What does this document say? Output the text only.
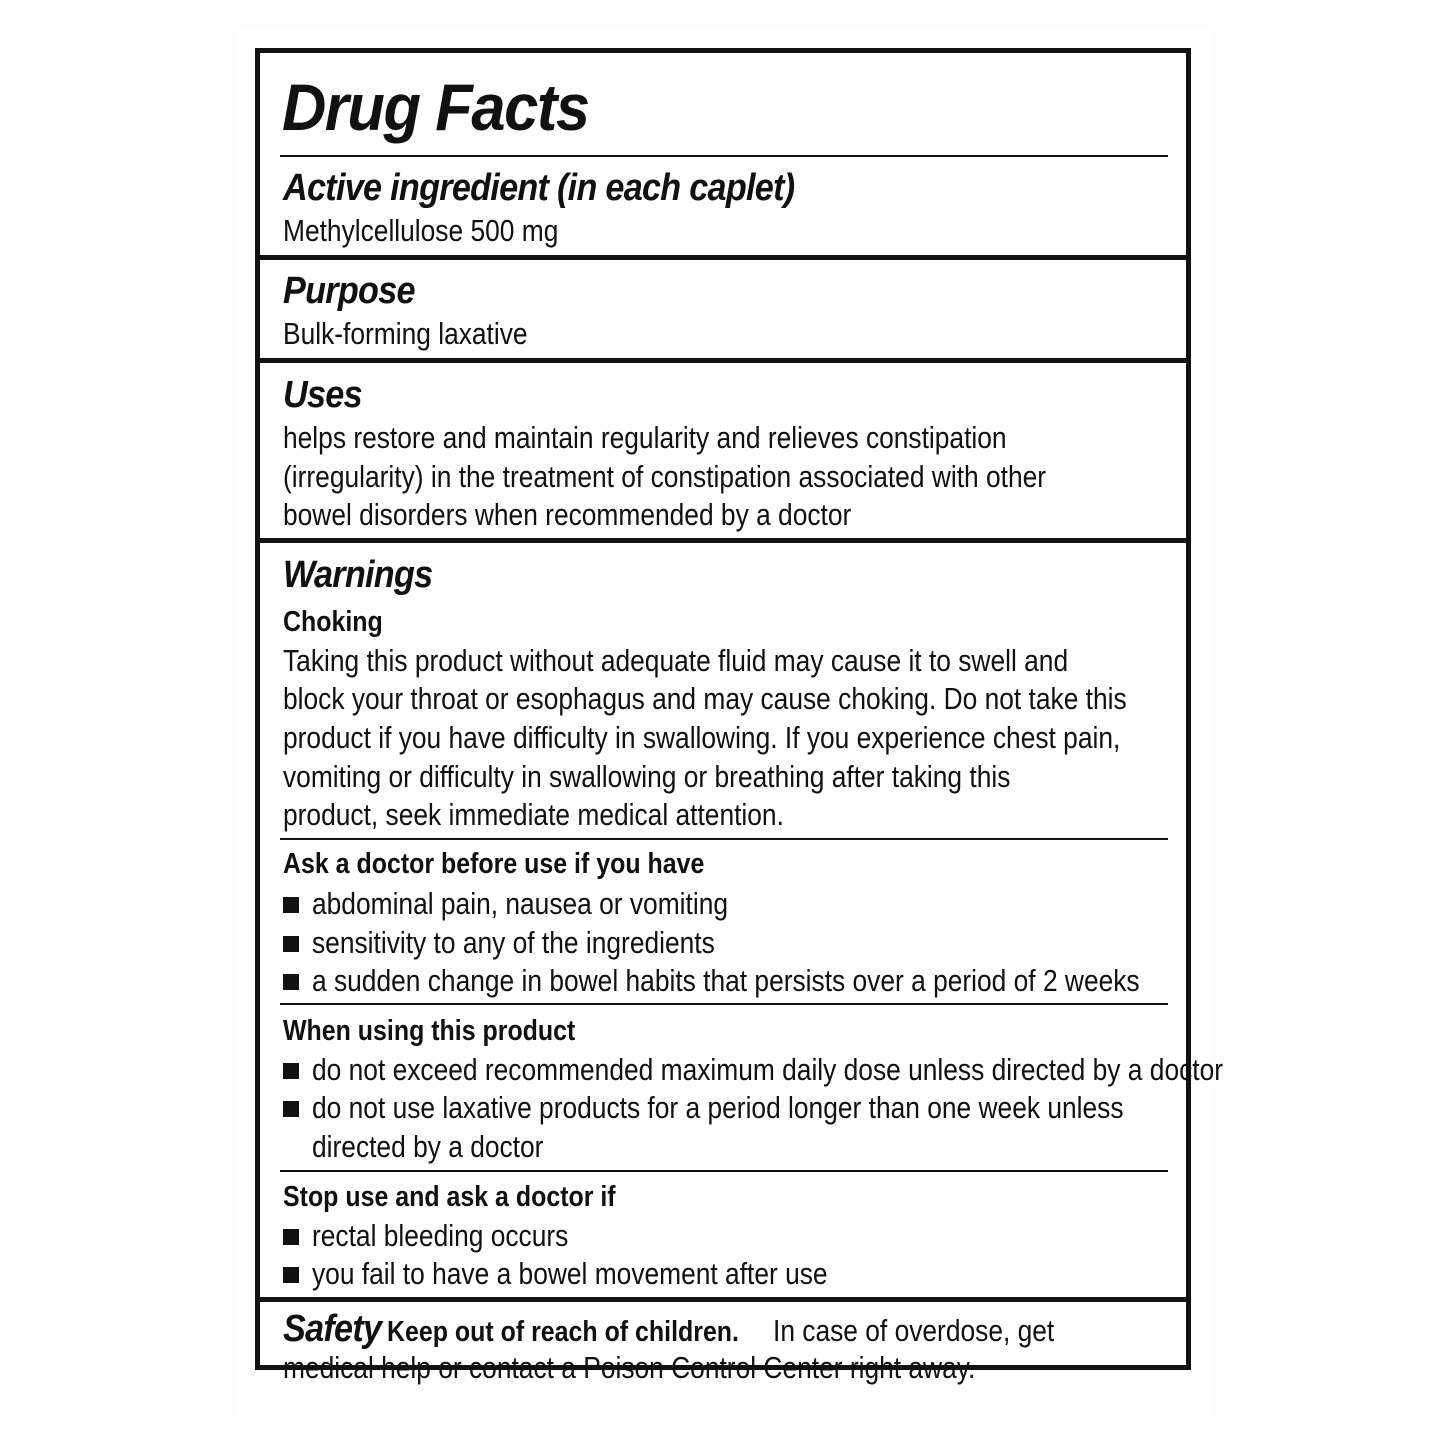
Drug Facts
Active ingredient (in each caplet)
Methylcellulose 500 mg
Purpose
Bulk-forming laxative
Uses
helps restore and maintain regularity and relieves constipation
(irregularity) in the treatment of constipation associated with other
bowel disorders when recommended by a doctor
Warnings
Choking
Taking this product without adequate fluid may cause it to swell and
block your throat or esophagus and may cause choking. Do not take this
product if you have difficulty in swallowing. If you experience chest pain,
vomiting or difficulty in swallowing or breathing after taking this
product, seek immediate medical attention.
Ask a doctor before use if you have
abdominal pain, nausea or vomiting
sensitivity to any of the ingredients
a sudden change in bowel habits that persists over a period of 2 weeks
When using this product
do not exceed recommended maximum daily dose unless directed by a doctor
do not use laxative products for a period longer than one week unless
directed by a doctor
Stop use and ask a doctor if
rectal bleeding occurs
you fail to have a bowel movement after use
Safety Keep out of reach of children. In case of overdose, get
medical help or contact a Poison Control Center right away.
